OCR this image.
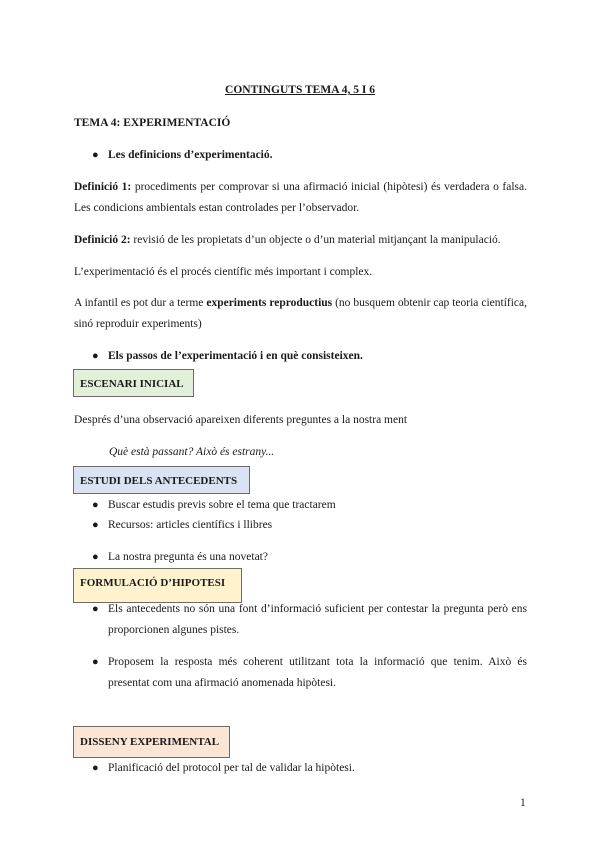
CONTINGUTS TEMA 4, 5 I 6
TEMA 4: EXPERIMENTACIÓ
● Les definicions d’experimentació.
Definició 1: procediments per comprovar si una afirmació inicial (hipòtesi) és verdadera o falsa. Les condicions ambientals estan controlades per l’observador.
Definició 2: revisió de les propietats d’un objecte o d’un material mitjançant la manipulació.
L’experimentació és el procés científic més important i complex.
A infantil es pot dur a terme experiments reproductius (no busquem obtenir cap teoria científica, sinó reproduir experiments)
● Els passos de l’experimentació i en què consisteixen.
ESCENARI INICIAL
Després d’una observació apareixen diferents preguntes a la nostra ment
Què està passant? Això és estrany...
ESTUDI DELS ANTECEDENTS
● Buscar estudis previs sobre el tema que tractarem
● Recursos: articles científics i llibres
● La nostra pregunta és una novetat?
FORMULACIÓ D’HIPOTESI
● Els antecedents no són una font d’informació suficient per contestar la pregunta però ens proporcionen algunes pistes.
● Proposem la resposta més coherent utilitzant tota la informació que tenim. Això és presentat com una afirmació anomenada hipòtesi.
DISSENY EXPERIMENTAL
● Planificació del protocol per tal de validar la hipòtesi.
1
